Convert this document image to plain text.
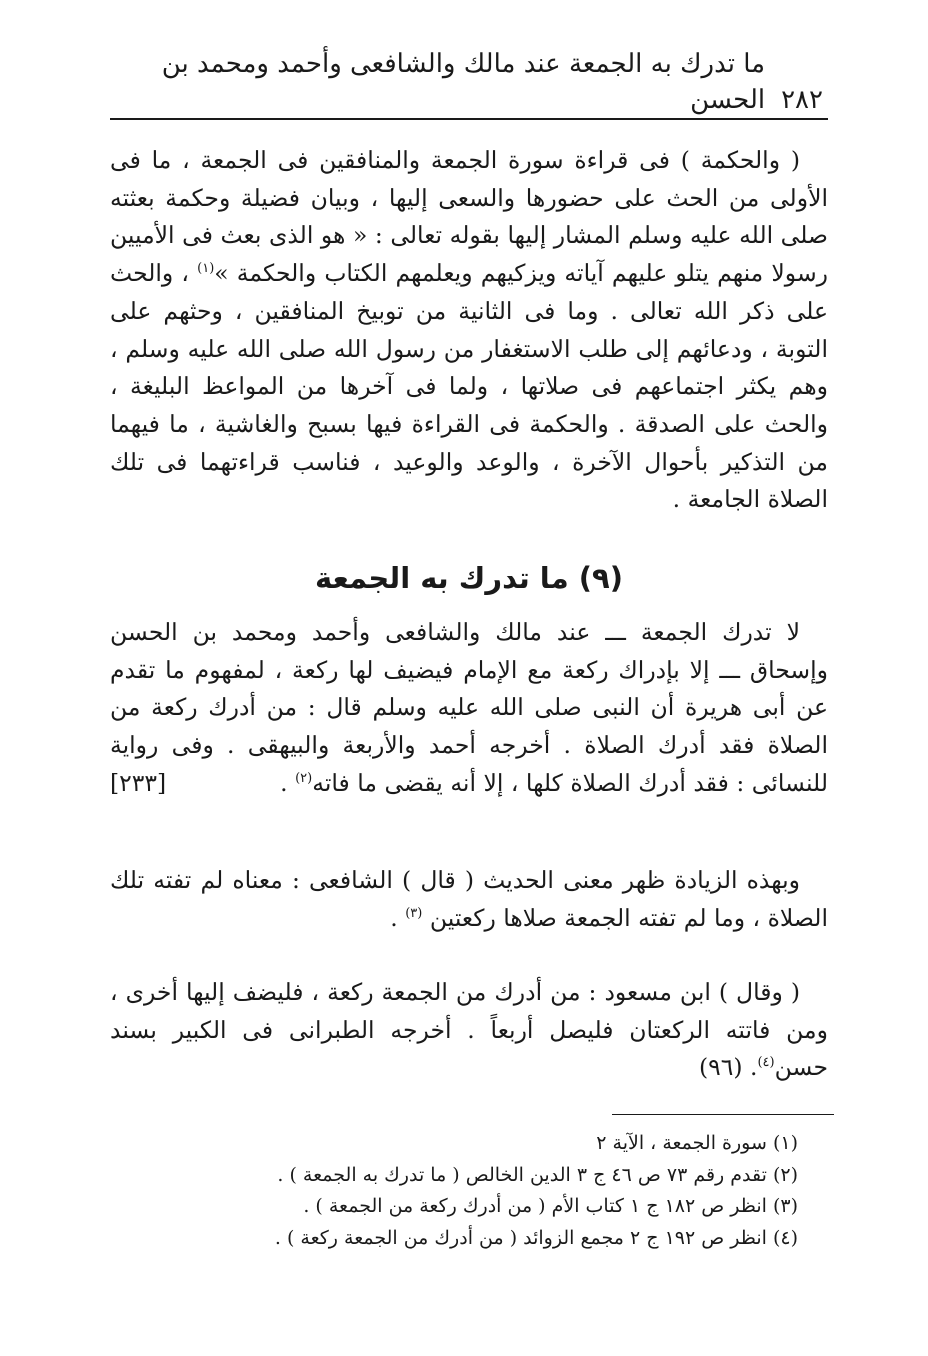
٢٨٢
ما تدرك به الجمعة عند مالك والشافعى وأحمد ومحمد بن الحسن

( والحكمة ) فى قراءة سورة الجمعة والمنافقين فى الجمعة ، ما فى الأولى من الحث على حضورها والسعى إليها ، وبيان فضيلة وحكمة بعثته صلى الله عليه وسلم المشار إليها بقوله تعالى : « هو الذى بعث فى الأميين رسولا منهم يتلو عليهم آياته ويزكيهم ويعلمهم الكتاب والحكمة »$^{(١)}$ ، والحث على ذكر الله تعالى . وما فى الثانية من توبيخ المنافقين ، وحثهم على التوبة ، ودعائهم إلى طلب الاستغفار من رسول الله صلى الله عليه وسلم ، وهم يكثر اجتماعهم فى صلاتها ، ولما فى آخرها من المواعظ البليغة ، والحث على الصدقة . والحكمة فى القراءة فيها بسبح والغاشية ، ما فيهما من التذكير بأحوال الآخرة ، والوعد والوعيد ، فناسب قراءتهما فى تلك الصلاة الجامعة .

(٩) ما تدرك به الجمعة

لا تدرك الجمعة ـــ عند مالك والشافعى وأحمد ومحمد بن الحسن وإسحاق ـــ إلا بإدراك ركعة مع الإمام فيضيف لها ركعة ، لمفهوم ما تقدم عن أبى هريرة أن النبى صلى الله عليه وسلم قال : من أدرك ركعة من الصلاة فقد أدرك الصلاة . أخرجه أحمد والأربعة والبيهقى . وفى رواية للنسائى : فقد أدرك الصلاة كلها ، إلا أنه يقضى ما فاته$^{(٢)}$ .
[٢٣٣]

وبهذه الزيادة ظهر معنى الحديث ( قال ) الشافعى : معناه لم تفته تلك الصلاة ، وما لم تفته الجمعة صلاها ركعتين $^{(٣)}$ .

( وقال ) ابن مسعود : من أدرك من الجمعة ركعة ، فليضف إليها أخرى ، ومن فاتته الركعتان فليصل أربعاً . أخرجه الطبرانى فى الكبير بسند حسن$^{(٤)}$. (٩٦)

(١) سورة الجمعة ، الآية ٢

(٢) تقدم رقم ٧٣ ص ٤٦ ج ٣ الدين الخالص ( ما تدرك به الجمعة ) .

(٣) انظر ص ١٨٢ ج ١ كتاب الأم ( من أدرك ركعة من الجمعة ) .

(٤) انظر ص ١٩٢ ج ٢ مجمع الزوائد ( من أدرك من الجمعة ركعة ) .
